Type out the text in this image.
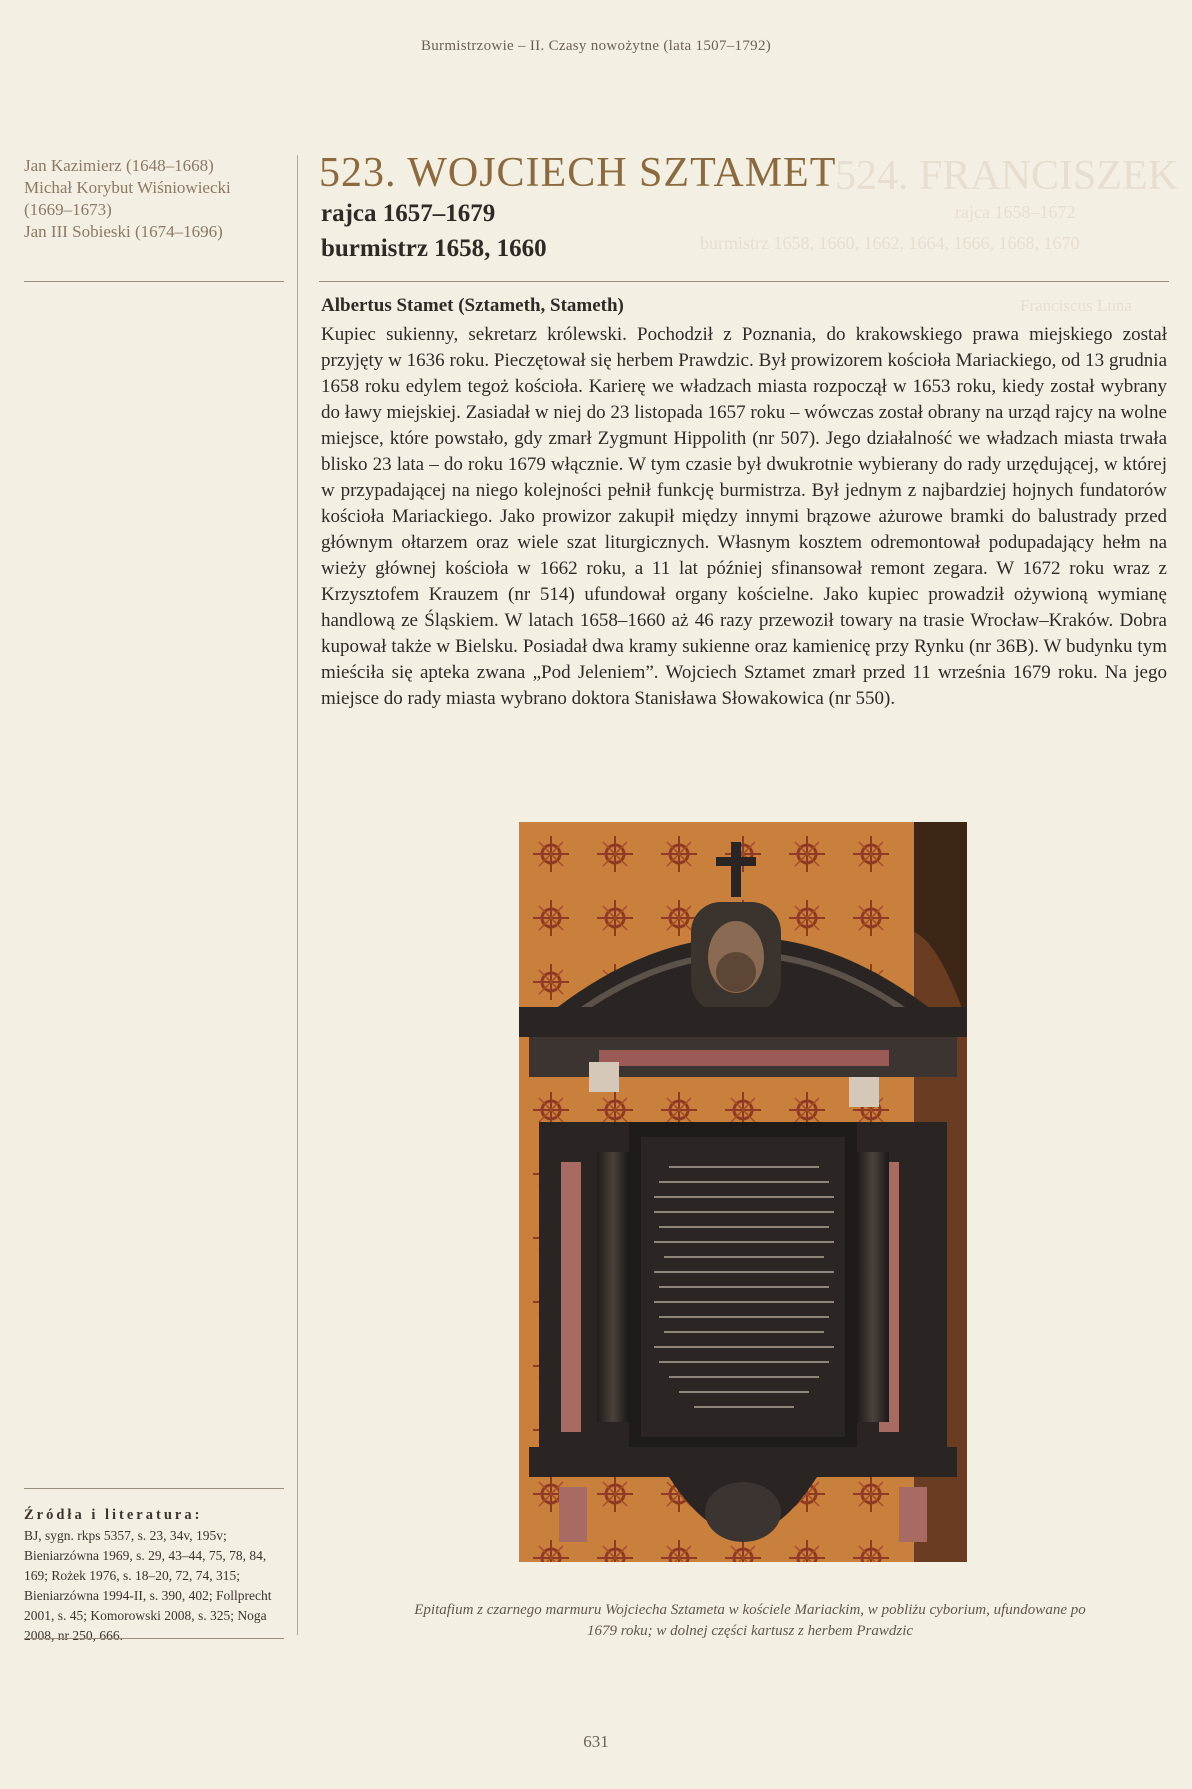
Burmistrzowie – II. Czasy nowożytne (lata 1507–1792)
524. FRANCISZEK
rajca 1658–1672
burmistrz 1658, 1660, 1662, 1664, 1666, 1668, 1670
Franciscus Luna
Jan Kazimierz (1648–1668)
Michał Korybut Wiśniowiecki
(1669–1673)
Jan III Sobieski (1674–1696)
523. WOJCIECH SZTAMET
rajca 1657–1679
burmistrz 1658, 1660
Albertus Stamet (Sztameth, Stameth)

Kupiec sukienny, sekretarz królewski. Pochodził z Poznania, do krakowskiego prawa miejskiego został przyjęty w 1636 roku. Pieczętował się herbem Prawdzic. Był prowizorem kościoła Mariackiego, od 13 grudnia 1658 roku edylem tegoż kościoła. Karierę we władzach miasta rozpoczął w 1653 roku, kiedy został wybrany do ławy miejskiej. Zasiadał w niej do 23 listopada 1657 roku – wówczas został obrany na urząd rajcy na wolne miejsce, które powstało, gdy zmarł Zygmunt Hippolith (nr 507). Jego działalność we władzach miasta trwała blisko 23 lata – do roku 1679 włącznie. W tym czasie był dwukrotnie wybierany do rady urzędującej, w której w przypadającej na niego kolejności pełnił funkcję burmistrza. Był jednym z najbardziej hojnych fundatorów kościoła Mariackiego. Jako prowizor zakupił między innymi brązowe ażurowe bramki do balustrady przed głównym ołtarzem oraz wiele szat liturgicznych. Własnym kosztem odremontował podupadający hełm na wieży głównej kościoła w 1662 roku, a 11 lat później sfinansował remont zegara. W 1672 roku wraz z Krzysztofem Krauzem (nr 514) ufundował organy kościelne. Jako kupiec prowadził ożywioną wymianę handlową ze Śląskiem. W latach 1658–1660 aż 46 razy przewoził towary na trasie Wrocław–Kraków. Dobra kupował także w Bielsku. Posiadał dwa kramy sukienne oraz kamienicę przy Rynku (nr 36B). W budynku tym mieściła się apteka zwana „Pod Jeleniem”. Wojciech Sztamet zmarł przed 11 września 1679 roku. Na jego miejsce do rady miasta wybrano doktora Stanisława Słowakowica (nr 550).

Epitafium z czarnego marmuru Wojciecha Sztameta w kościele Mariackim, w pobliżu cyborium, ufundowane po 1679 roku; w dolnej części kartusz z herbem Prawdzic
Źródła i literatura:
BJ, sygn. rkps 5357, s. 23, 34v, 195v; Bieniarzówna 1969, s. 29, 43–44, 75, 78, 84, 169; Rożek 1976, s. 18–20, 72, 74, 315; Bieniarzówna 1994-II, s. 390, 402; Follprecht 2001, s. 45; Komorowski 2008, s. 325; Noga 2008, nr 250, 666.
631
